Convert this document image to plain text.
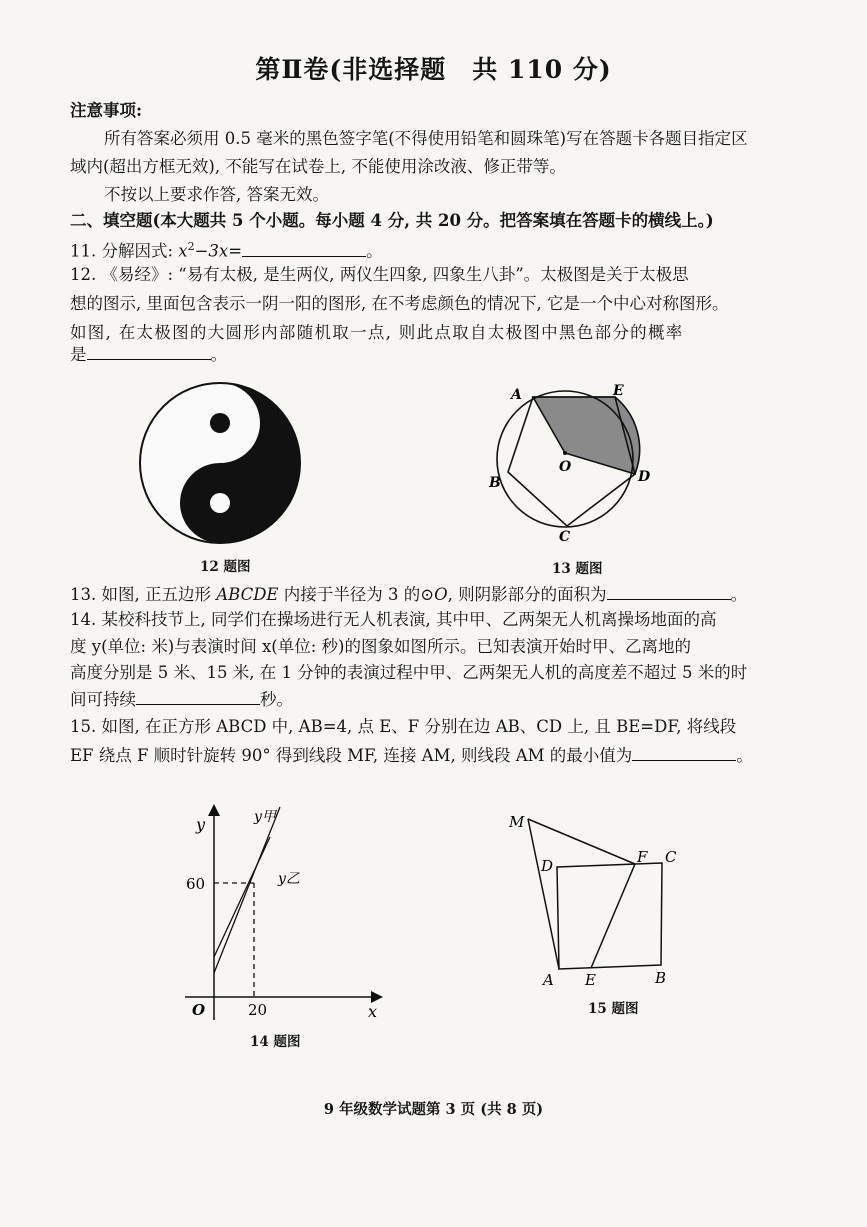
第Ⅱ卷(非选择题 共 110 分)
注意事项:
所有答案必须用 0.5 毫米的黑色签字笔(不得使用铅笔和圆珠笔)写在答题卡各题目指定区
域内(超出方框无效), 不能写在试卷上, 不能使用涂改液、修正带等。
不按以上要求作答, 答案无效。
二、填空题(本大题共 5 个小题。每小题 4 分, 共 20 分。把答案填在答题卡的横线上。)
11. 分解因式: $x^2-3x=$	。
12. 《易经》: “易有太极, 是生两仪, 两仪生四象, 四象生八卦”。太极图是关于太极思
想的图示, 里面包含表示一阴一阳的图形, 在不考虑颜色的情况下, 它是一个中心对称图形。
如图, 在太极图的大圆形内部随机取一点, 则此点取自太极图中黑色部分的概率
是	。
12 题图
A	E
O
B	D
C
13 题图
13. 如图, 正五边形 ABCDE 内接于半径为 3 的⊙O, 则阴影部分的面积为	。
14. 某校科技节上, 同学们在操场进行无人机表演, 其中甲、乙两架无人机离操场地面的高
度 y(单位: 米)与表演时间 x(单位: 秒)的图象如图所示。已知表演开始时甲、乙离地的
高度分别是 5 米、15 米, 在 1 分钟的表演过程中甲、乙两架无人机的高度差不超过 5 米的时
间可持续	秒。
15. 如图, 在正方形 ABCD 中, AB=4, 点 E、F 分别在边 AB、CD 上, 且 BE=DF, 将线段
EF 绕点 F 顺时针旋转 90° 得到线段 MF, 连接 AM, 则线段 AM 的最小值为	。
y
x
O
y甲
y乙
60
20
14 题图
M
D	F C
A E	B
15 题图
9 年级数学试题第 3 页 (共 8 页)
